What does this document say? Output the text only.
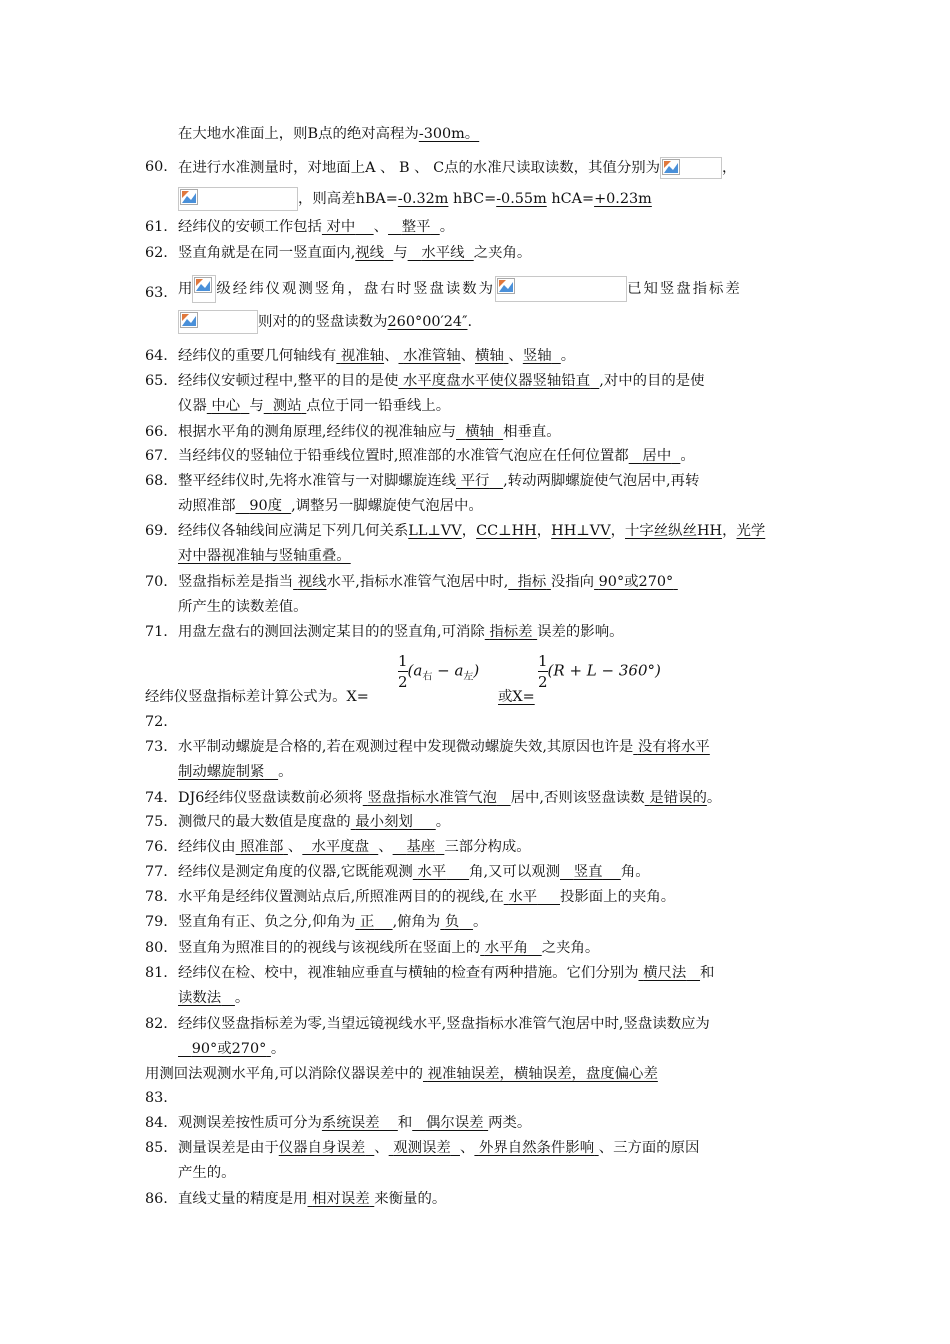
在大地水准面上，则B点的绝对高程为-300m。
60. 在进行水准测量时，对地面上A 、 B 、 C点的水准尺读取读数，其值分别为	，
，则高差hBA=-0.32m hBC=-0.55m hCA=+0.23m
61. 经纬仪的安顿工作包括 对中 、 整平 。
62. 竖直角就是在同一竖直面内,视线 与 水平线 之夹角。
63. 用 级经纬仪观测竖角，盘右时竖盘读数为	已知竖盘指标差
则对的的竖盘读数为260°00′24″.
64. 经纬仪的重要几何轴线有 视准轴、 水准管轴、横轴 、竖轴 。
65. 经纬仪安顿过程中,整平的目的是使 水平度盘水平使仪器竖轴铅直 ,对中的目的是使
仪器 中心 与 测站 点位于同一铅垂线上。
66. 根据水平角的测角原理,经纬仪的视准轴应与 横轴 相垂直。
67. 当经纬仪的竖轴位于铅垂线位置时,照准部的水准管气泡应在任何位置都 居中 。
68. 整平经纬仪时,先将水准管与一对脚螺旋连线 平行 ,转动两脚螺旋使气泡居中,再转
动照准部 90度 ,调整另一脚螺旋使气泡居中。
69. 经纬仪各轴线间应满足下列几何关系LL⊥VV，CC⊥HH，HH⊥VV，十字丝纵丝HH，光学
对中器视准轴与竖轴重叠。
70. 竖盘指标差是指当 视线水平,指标水准管气泡居中时, 指标 没指向 90°或270°
所产生的读数差值。
71. 用盘左盘右的测回法测定某目的的竖直角,可消除 指标差 误差的影响。
经纬仪竖盘指标差计算公式为。X=
$\frac{1}{2} (a_右 - a_左)$
或X=
$\frac{1}{2} (R + L - 360^\circ)$
72.
73. 水平制动螺旋是合格的,若在观测过程中发现微动螺旋失效,其原因也许是 没有将水平
制动螺旋制紧 。
74. DJ6经纬仪竖盘读数前必须将 竖盘指标水准管气泡 居中,否则该竖盘读数 是错误的。
75. 测微尺的最大数值是度盘的 最小刻划 。
76. 经纬仪由 照准部 、 水平度盘 、 基座 三部分构成。
77. 经纬仪是测定角度的仪器,它既能观测 水平 角,又可以观测 竖直 角。
78. 水平角是经纬仪置测站点后,所照准两目的的视线,在 水平 投影面上的夹角。
79. 竖直角有正、负之分,仰角为 正 ,俯角为 负 。
80. 竖直角为照准目的的视线与该视线所在竖面上的 水平角 之夹角。
81. 经纬仪在检、校中，视准轴应垂直与横轴的检查有两种措施。它们分别为 横尺法 和
读数法 。
82. 经纬仪竖盘指标差为零,当望远镜视线水平,竖盘指标水准管气泡居中时,竖盘读数应为
90°或270° 。
用测回法观测水平角,可以消除仪器误差中的 视准轴误差，横轴误差，盘度偏心差
83.
84. 观测误差按性质可分为系统误差 和 偶尔误差 两类。
85. 测量误差是由于仪器自身误差 、 观测误差 、 外界自然条件影响 、三方面的原因
产生的。
86. 直线丈量的精度是用 相对误差 来衡量的。
